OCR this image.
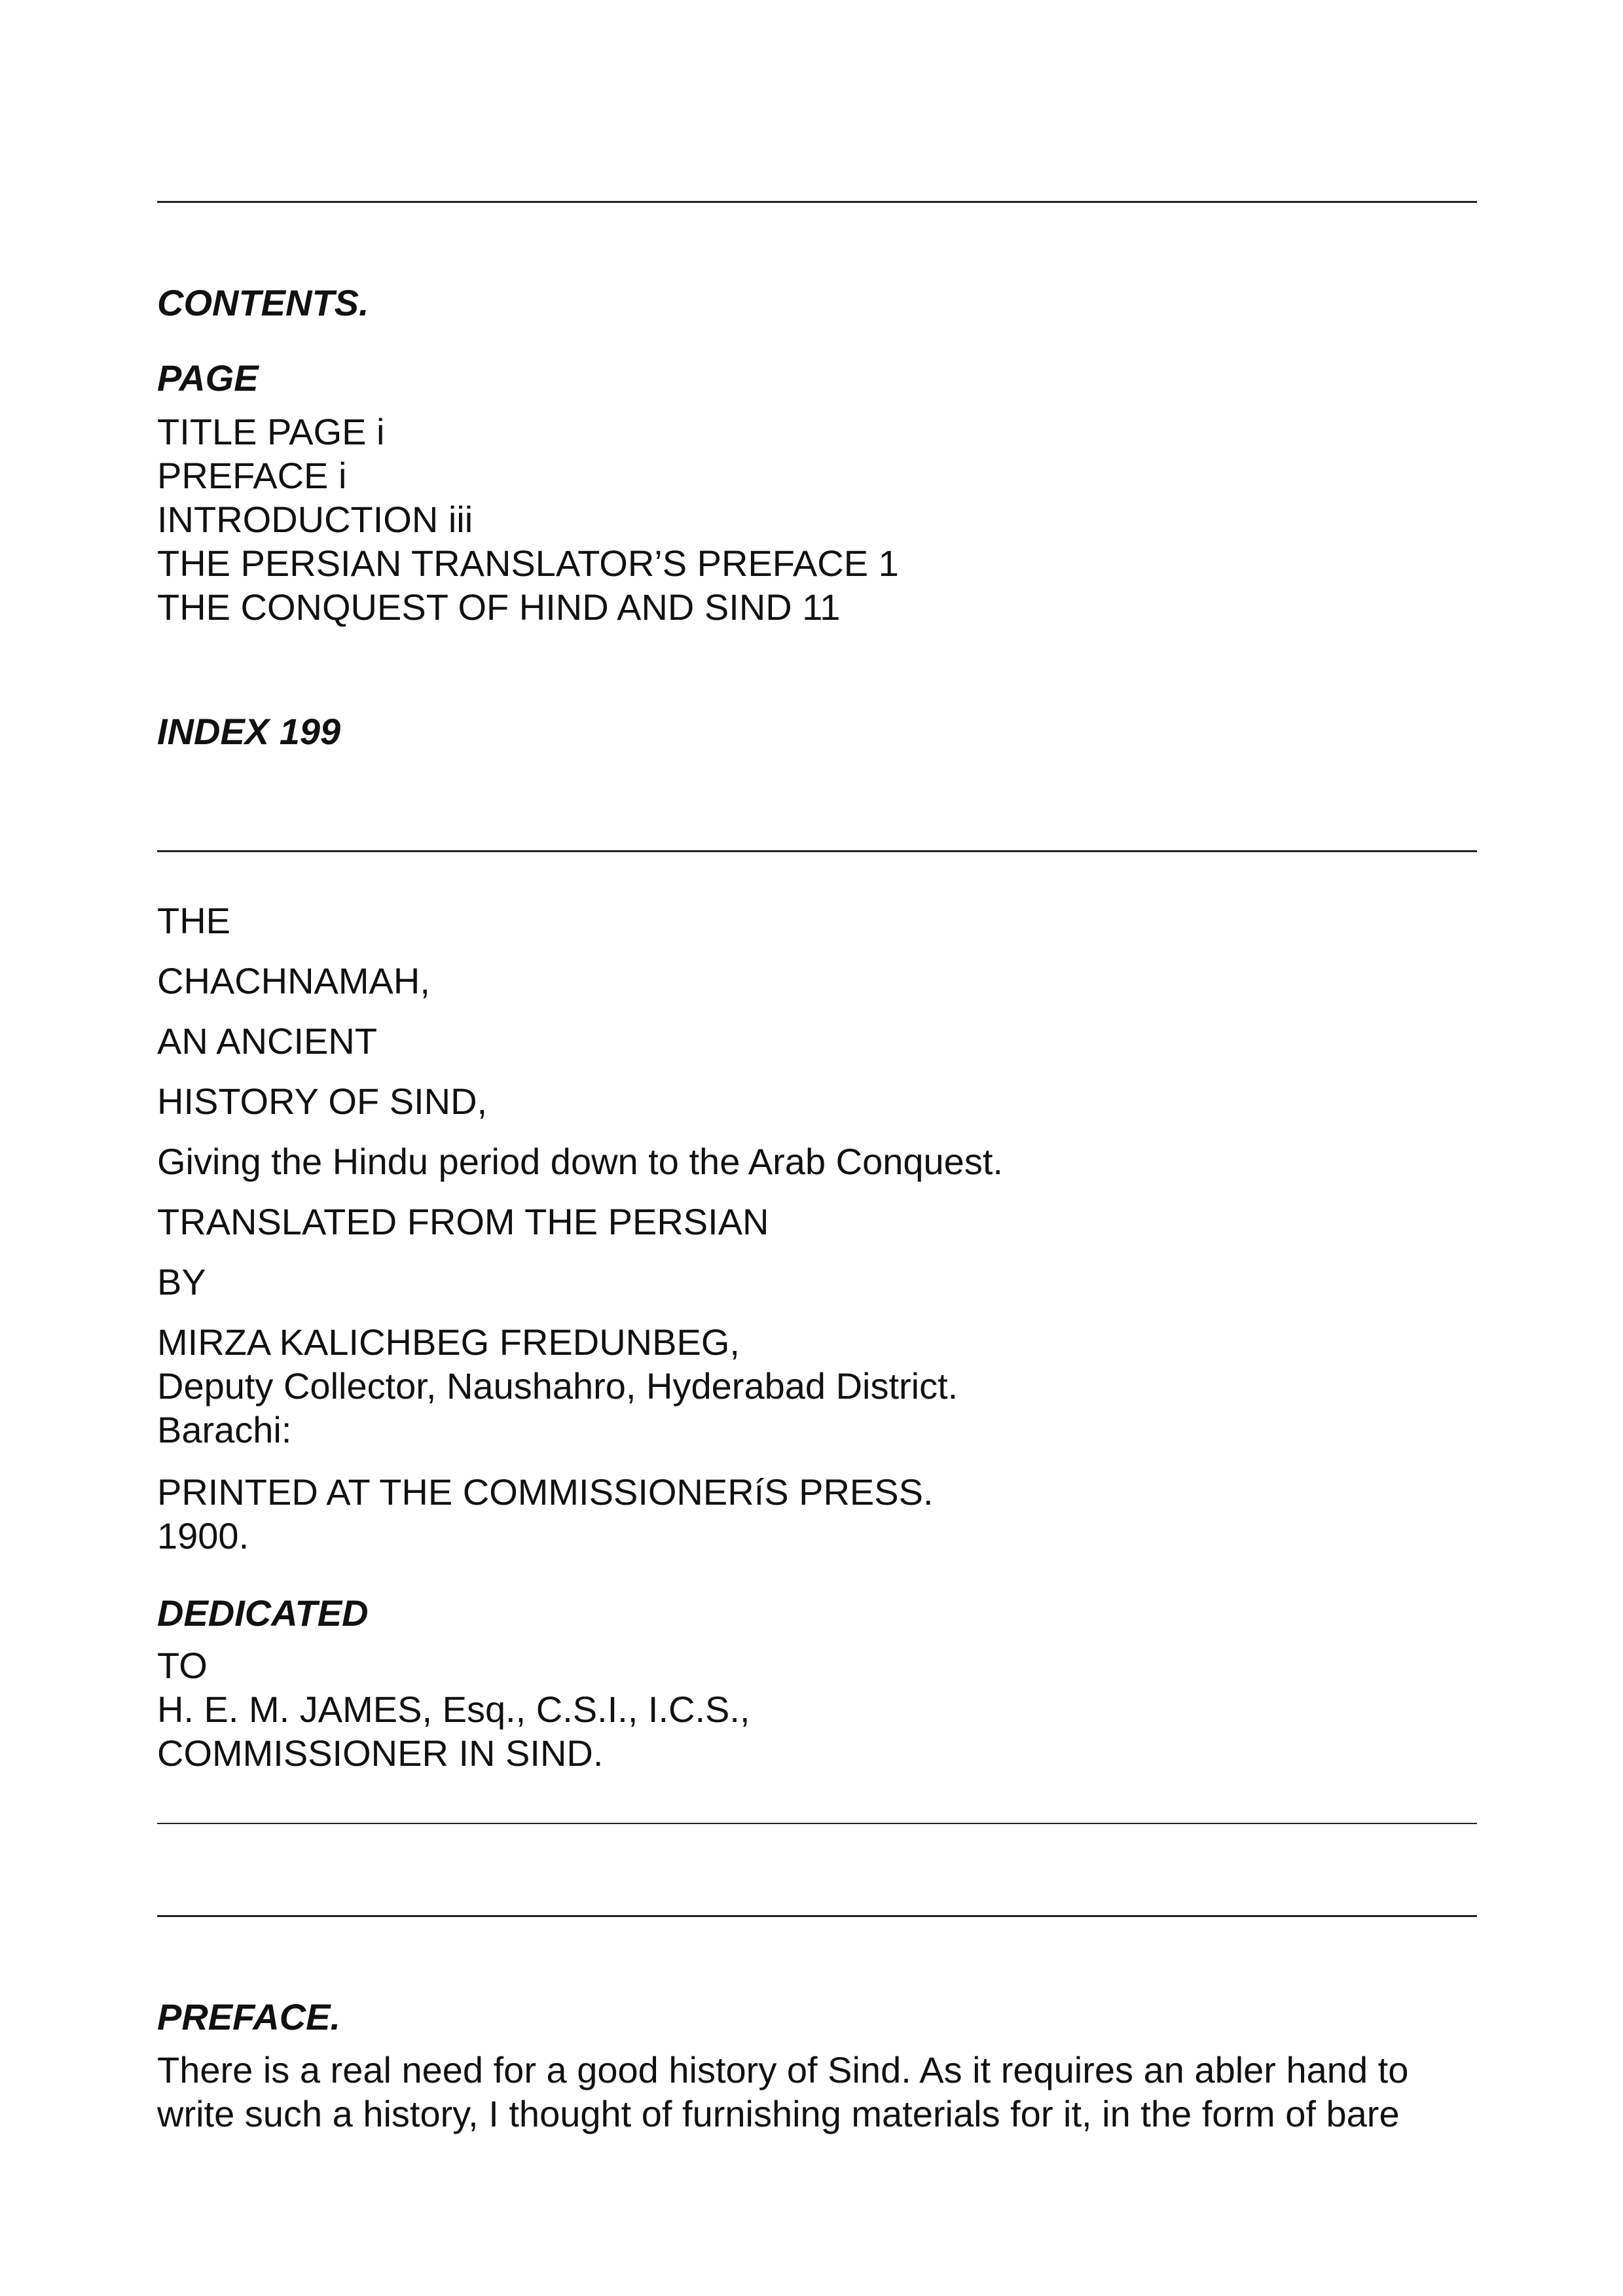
CONTENTS.

PAGE

TITLE PAGE i

PREFACE i

INTRODUCTION iii

THE PERSIAN TRANSLATOR’S PREFACE 1

THE CONQUEST OF HIND AND SIND 11

INDEX 199

THE

CHACHNAMAH,

AN ANCIENT

HISTORY OF SIND,

Giving the Hindu period down to the Arab Conquest.

TRANSLATED FROM THE PERSIAN

BY

MIRZA KALICHBEG FREDUNBEG,

Deputy Collector, Naushahro, Hyderabad District.

Barachi:

PRINTED AT THE COMMISSIONERíS PRESS.

1900.

DEDICATED

TO

H. E. M. JAMES, Esq., C.S.I., I.C.S.,

COMMISSIONER IN SIND.

PREFACE.

There is a real need for a good history of Sind. As it requires an abler hand to

write such a history, I thought of furnishing materials for it, in the form of bare
